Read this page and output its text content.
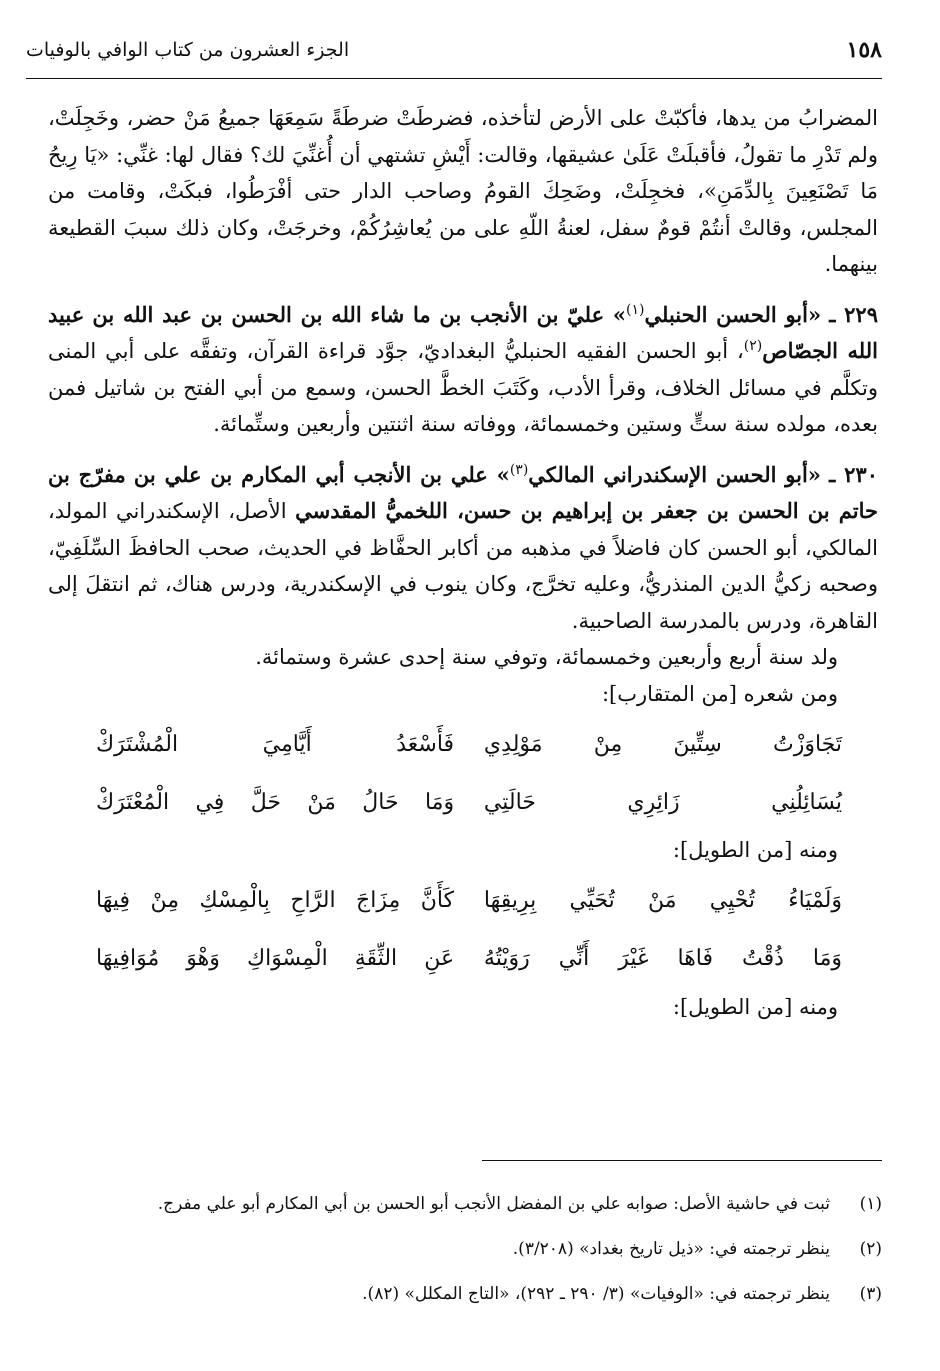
١٥٨
الجزء العشرون من كتاب الوافي بالوفيات
المضرابُ من يدها، فأكبّتْ على الأرض لتأخذه، فضرطَتْ ضرطَةً سَمِعَهَا جميعُ مَنْ حضر، وخَجِلَتْ، ولم تَدْرِ ما تقولُ، فأقبلَتْ عَلَىٰ عشيقها، وقالت: أَيْشِ تشتهي أن أُغنِّيَ لك؟ فقال لها: غنِّي: «يَا رِيحُ مَا تَصْنَعِينَ بِالدِّمَنِ»، فخجِلَتْ، وضَحِكَ القومُ وصاحب الدار حتى أفْرَطُوا، فبكَتْ، وقامت من المجلس، وقالتْ أنتُمْ قومٌ سفل، لعنةُ اللّهِ على من يُعاشِرُكُمْ، وخرجَتْ، وكان ذلك سببَ القطيعة بينهما.
٢٢٩ ـ «أبو الحسن الحنبلي$^{(١)}$» عليّ بن الأنجب بن ما شاء الله بن الحسن بن عبد الله بن عبيد الله الجصّاص$^{(٢)}$، أبو الحسن الفقيه الحنبليُّ البغداديّ، جوَّد قراءة القرآن، وتفقَّه على أبي المنى وتكلَّم في مسائل الخلاف، وقرأ الأدب، وكَتَبَ الخطَّ الحسن، وسمع من أبي الفتح بن شاتيل فمن بعده، مولده سنة ستٍّ وستين وخمسمائة، ووفاته سنة اثنتين وأربعين وستِّمائة.
٢٣٠ ـ «أبو الحسن الإسكندراني المالكي$^{(٣)}$» علي بن الأنجب أبي المكارم بن علي بن مفرّج بن حاتم بن الحسن بن جعفر بن إبراهيم بن حسن، اللخميُّ المقدسي الأصل، الإسكندراني المولد، المالكي، أبو الحسن كان فاضلاً في مذهبه من أكابر الحفَّاظ في الحديث، صحب الحافظَ السِّلَفِيّ، وصحبه زكيُّ الدين المنذريُّ، وعليه تخرَّج، وكان ينوب في الإسكندرية، ودرس هناك، ثم انتقلَ إلى القاهرة، ودرس بالمدرسة الصاحبية.
ولد سنة أربع وأربعين وخمسمائة، وتوفي سنة إحدى عشرة وستمائة.
ومن شعره [من المتقارب]:
تَجَاوَزْتُ سِتِّينَ مِنْ مَوْلِدِي
فَأَسْعَدُ أَيَّامِيَ الْمُشْتَرَكْ
يُسَائِلُنِي زَائِرِي حَالَتِي
وَمَا حَالُ مَنْ حَلَّ فِي الْمُعْتَرَكْ
ومنه [من الطويل]:
وَلَمْيَاءُ تُحْيِي مَنْ تُحَيِّي بِرِيقِهَا
كَأَنَّ مِزَاجَ الرَّاحِ بِالْمِسْكِ مِنْ فِيهَا
وَمَا ذُقْتُ فَاهَا غَيْرَ أَنِّي رَوَيْتُهُ
عَنِ الثِّقَةِ الْمِسْوَاكِ وَهْوَ مُوَافِيهَا
ومنه [من الطويل]:
(١)
ثبت في حاشية الأصل: صوابه علي بن المفضل الأنجب أبو الحسن بن أبي المكارم أبو علي مفرج.
(٢)
ينظر ترجمته في: «ذيل تاريخ بغداد» (٣/٢٠٨).
(٣)
ينظر ترجمته في: «الوفيات» (٣/ ٢٩٠ ـ ٢٩٢)، «التاج المكلل» (٨٢).
